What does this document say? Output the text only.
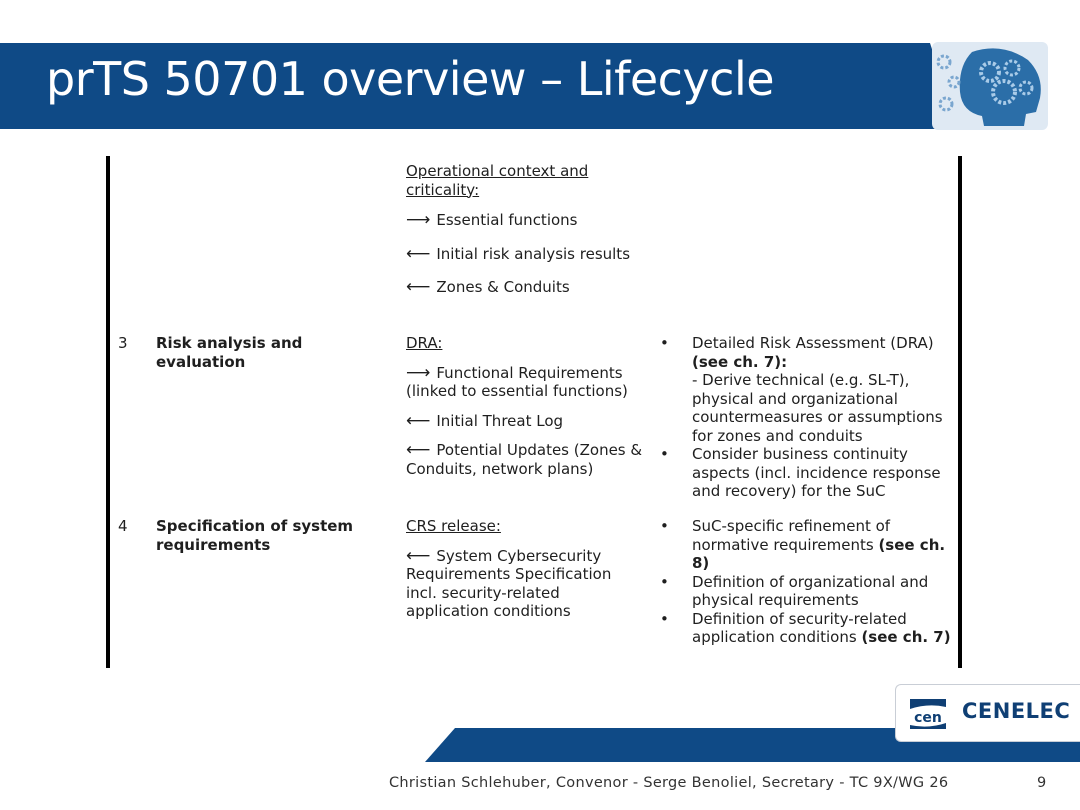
prTS 50701 overview – Lifecycle
Operational context and criticality:
⟶ Essential functions
⟵ Initial risk analysis results
⟵ Zones & Conduits
3 Risk analysis and evaluation
DRA:
⟶ Functional Requirements (linked to essential functions)
⟵ Initial Threat Log
⟵ Potential Updates (Zones & Conduits, network plans)
• Detailed Risk Assessment (DRA) (see ch. 7):
- Derive technical (e.g. SL-T), physical and organizational countermeasures or assumptions for zones and conduits
• Consider business continuity aspects (incl. incidence response and recovery) for the SuC
4 Specification of system requirements
CRS release:
⟵ System Cybersecurity Requirements Specification incl. security-related application conditions
• SuC-specific refinement of normative requirements (see ch. 8)
• Definition of organizational and physical requirements
• Definition of security-related application conditions (see ch. 7)
cen CENELEC
Christian Schlehuber, Convenor - Serge Benoliel, Secretary - TC 9X/WG 26	9
